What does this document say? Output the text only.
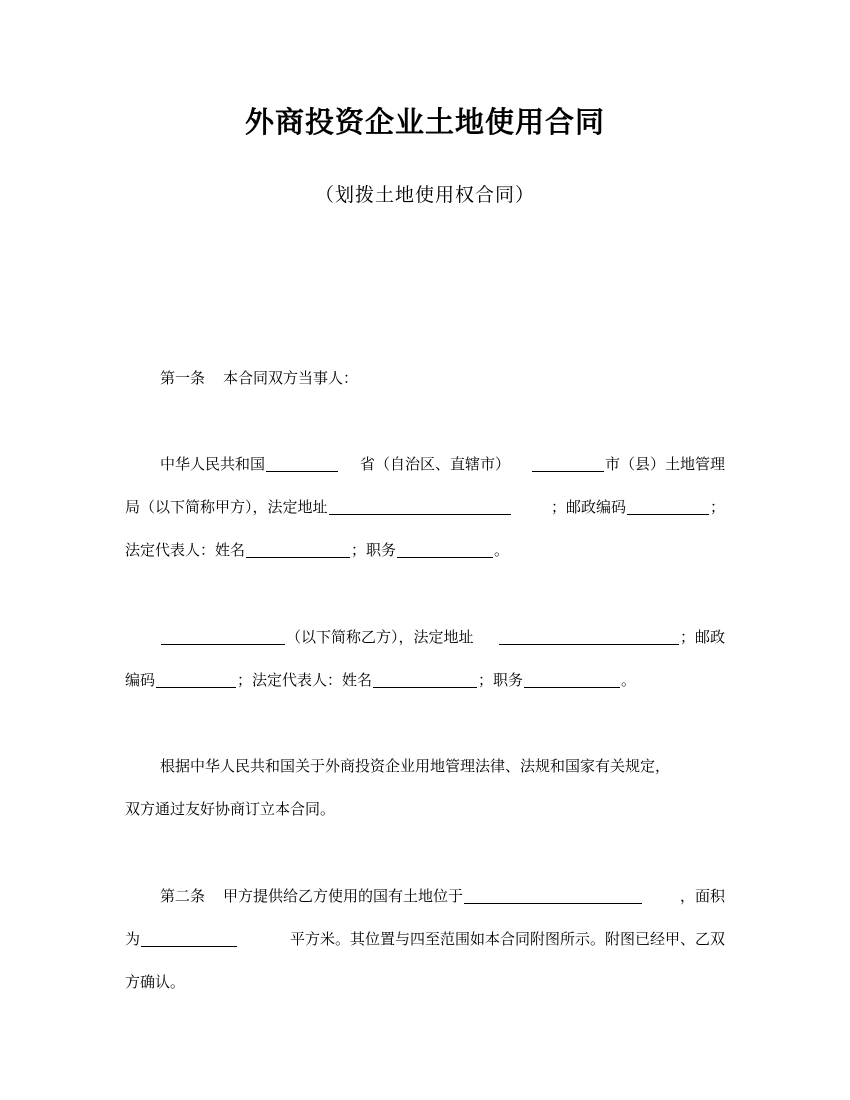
外商投资企业土地使用合同
（划拨土地使用权合同）
第一条 本合同双方当事人：
中华人民共和国	省（自治区、直辖市）	市（县）土地管理
局（以下简称甲方），法定地址	；邮政编码	；
法定代表人：姓名	；职务	。
（以下简称乙方），法定地址	；邮政
编码	；法定代表人：姓名	；职务	。
根据中华人民共和国关于外商投资企业用地管理法律、法规和国家有关规定，
双方通过友好协商订立本合同。
第二条 甲方提供给乙方使用的国有土地位于	，面积
为	平方米。其位置与四至范围如本合同附图所示。附图已经甲、乙双
方确认。
